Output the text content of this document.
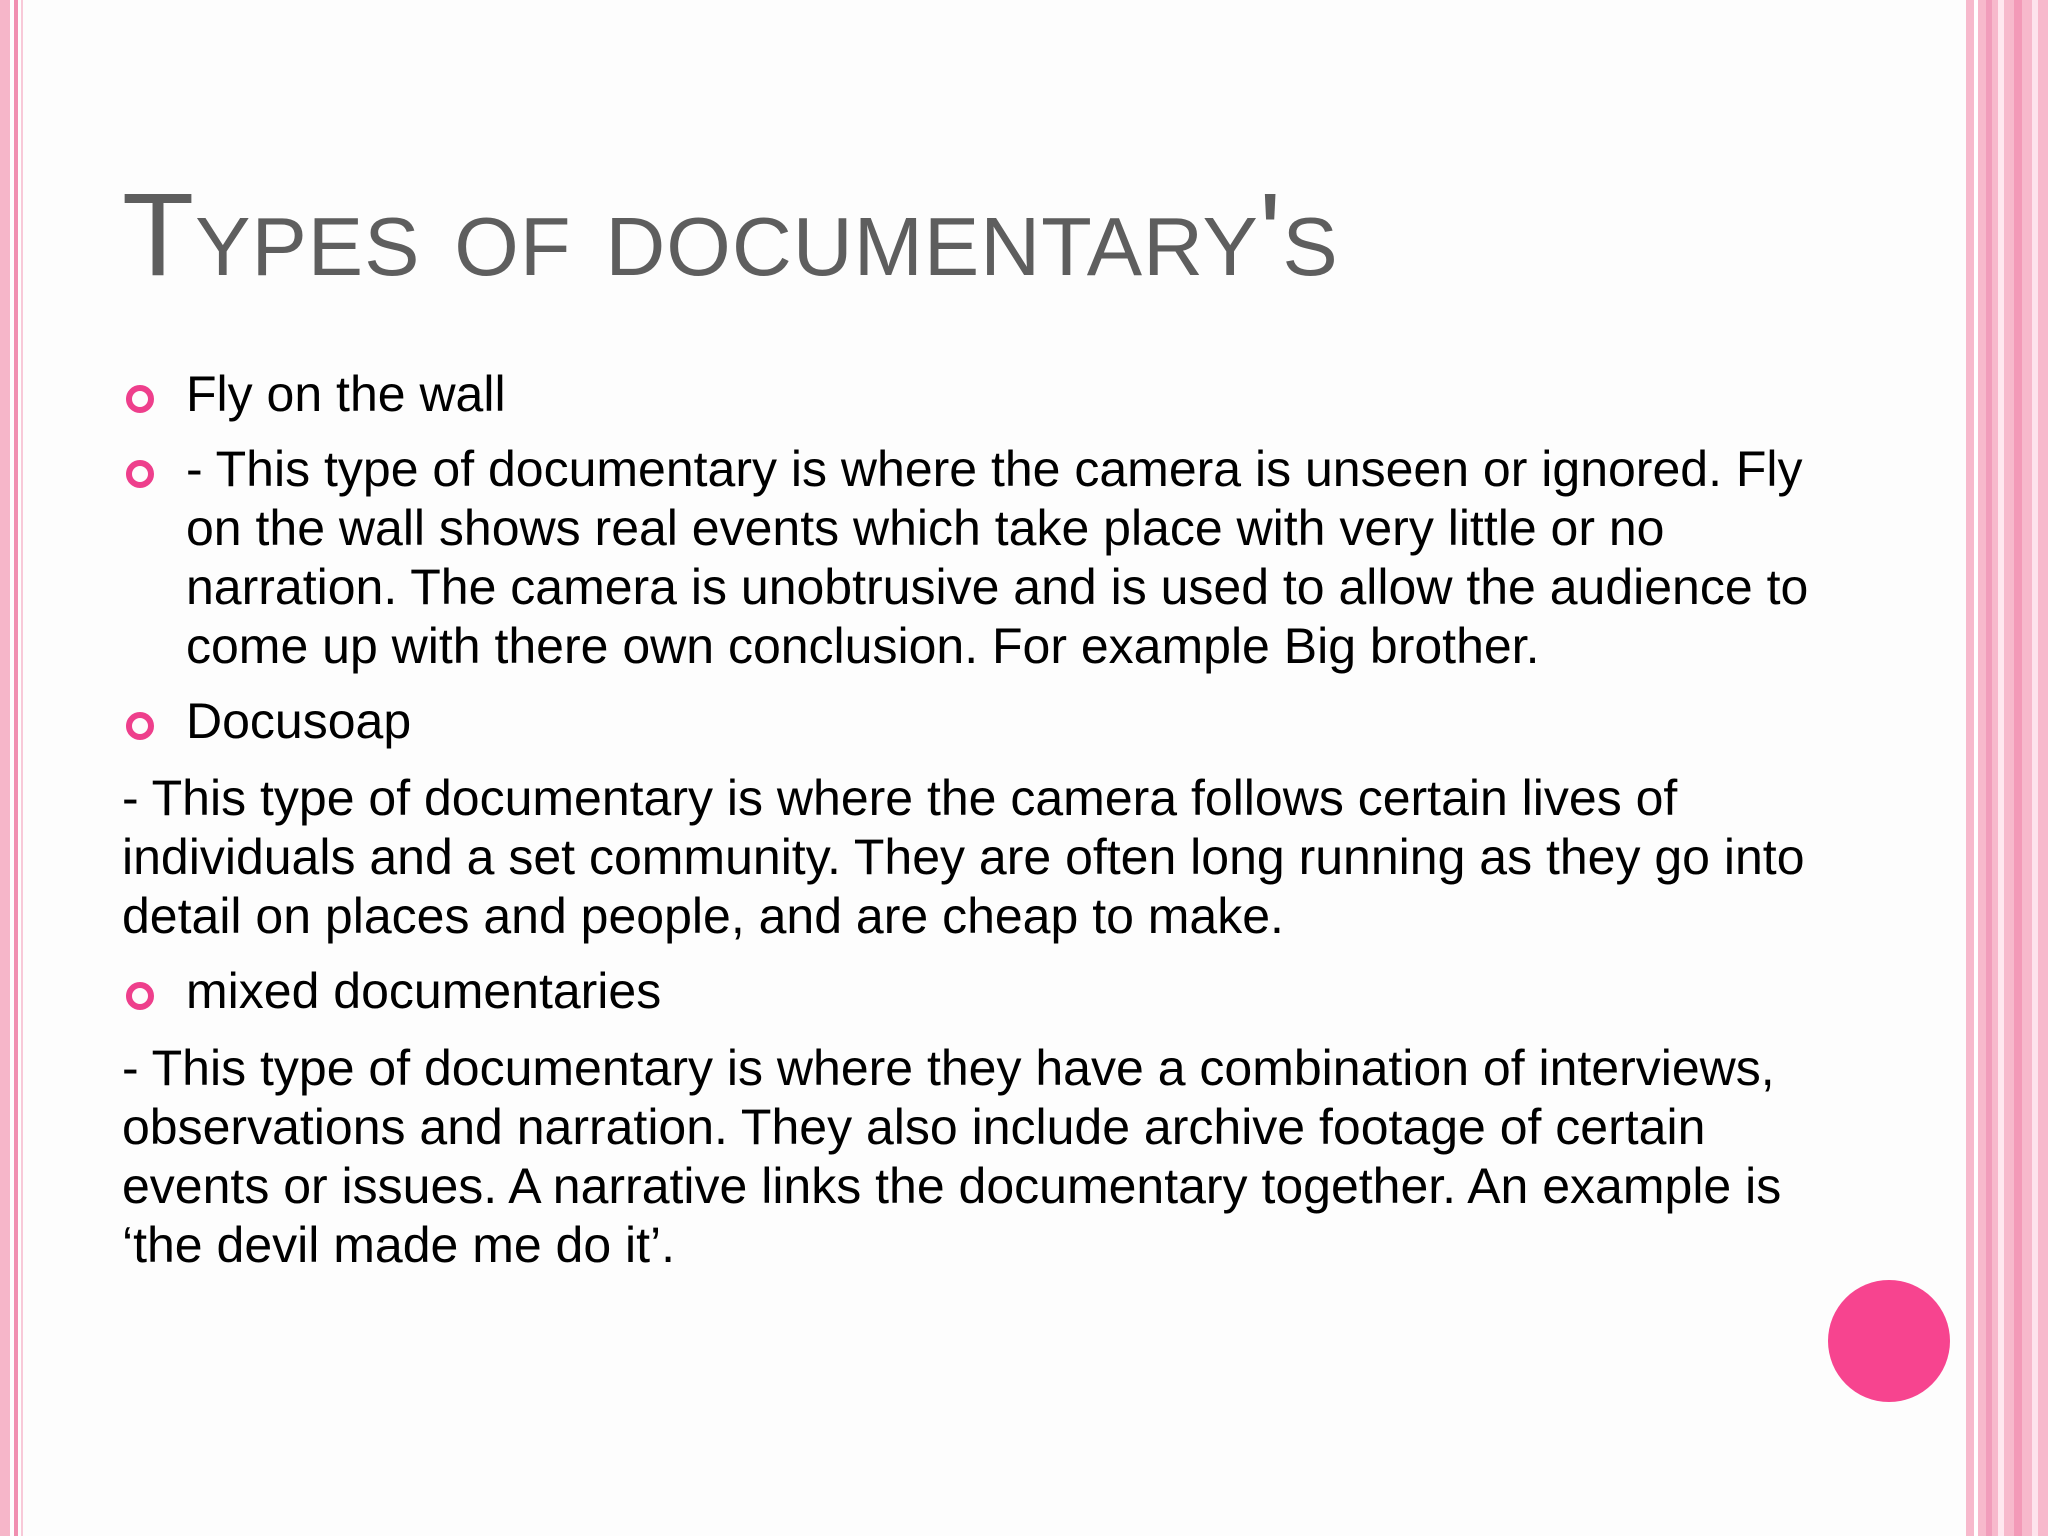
Types of documentary's
Fly on the wall
- This type of documentary is where the camera is unseen or ignored. Fly on the wall shows real events which take place with very little or no narration. The camera is unobtrusive and is used to allow the audience to come up with there own conclusion. For example Big brother.
Docusoap
- This type of documentary is where the camera follows certain lives of individuals and a set community. They are often long running as they go into detail on places and people, and are cheap to make.
mixed documentaries
- This type of documentary is where they have a combination of interviews, observations and narration. They also include archive footage of certain events or issues. A narrative links the documentary together. An example is ‘the devil made me do it’.
